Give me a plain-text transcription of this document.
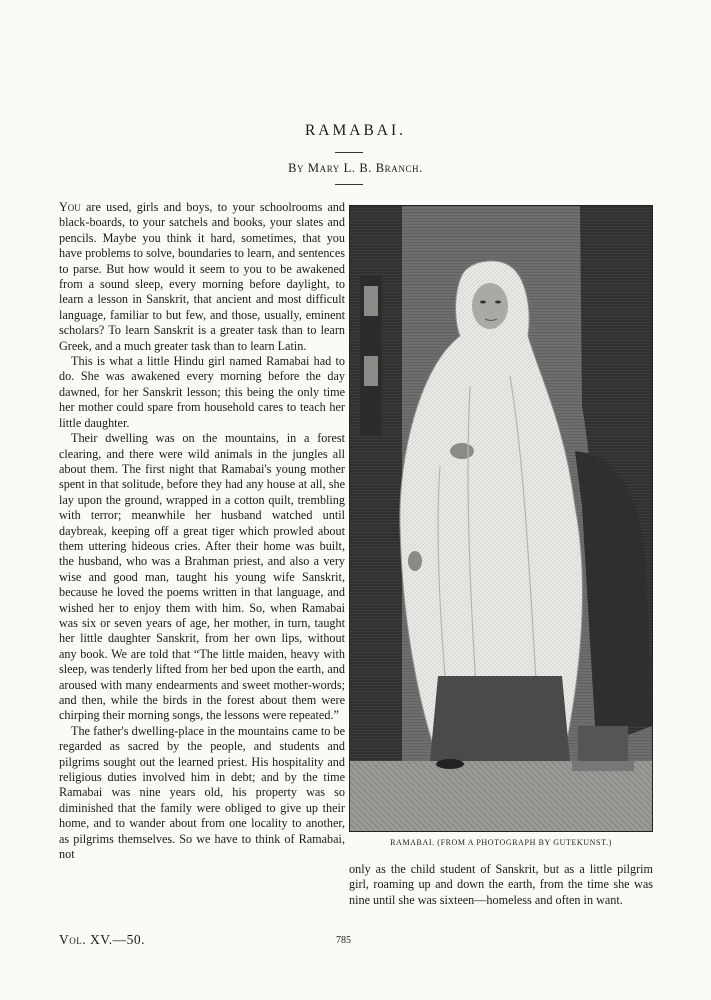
RAMABAI.
By Mary L. B. Branch.

You are used, girls and boys, to your schoolrooms and black-boards, to your satchels and books, your slates and pencils. Maybe you think it hard, sometimes, that you have problems to solve, boundaries to learn, and sentences to parse. But how would it seem to you to be awakened from a sound sleep, every morning before daylight, to learn a lesson in Sanskrit, that ancient and most difficult language, familiar to but few, and those, usually, eminent scholars? To learn Sanskrit is a greater task than to learn Greek, and a much greater task than to learn Latin.

This is what a little Hindu girl named Ramabai had to do. She was awakened every morning before the day dawned, for her Sanskrit lesson; this being the only time her mother could spare from household cares to teach her little daughter.

Their dwelling was on the mountains, in a forest clearing, and there were wild animals in the jungles all about them. The first night that Ramabai's young mother spent in that solitude, before they had any house at all, she lay upon the ground, wrapped in a cotton quilt, trembling with terror; meanwhile her husband watched until daybreak, keeping off a great tiger which prowled about them uttering hideous cries. After their home was built, the husband, who was a Brahman priest, and also a very wise and good man, taught his young wife Sanskrit, because he loved the poems written in that language, and wished her to enjoy them with him. So, when Ramabai was six or seven years of age, her mother, in turn, taught her little daughter Sanskrit, from her own lips, without any book. We are told that “The little maiden, heavy with sleep, was tenderly lifted from her bed upon the earth, and aroused with many endearments and sweet mother-words; and then, while the birds in the forest about them were chirping their morning songs, the lessons were repeated.”

The father's dwelling-place in the mountains came to be regarded as sacred by the people, and students and pilgrims sought out the learned priest. His hospitality and religious duties involved him in debt; and by the time Ramabai was nine years old, his property was so diminished that the family were obliged to give up their home, and to wander about from one locality to another, as pilgrims themselves. So we have to think of Ramabai, not

RAMABAI. (FROM A PHOTOGRAPH BY GUTEKUNST.)

only as the child student of Sanskrit, but as a little pilgrim girl, roaming up and down the earth, from the time she was nine until she was sixteen—homeless and often in want.

Vol. XV.—50.	785
